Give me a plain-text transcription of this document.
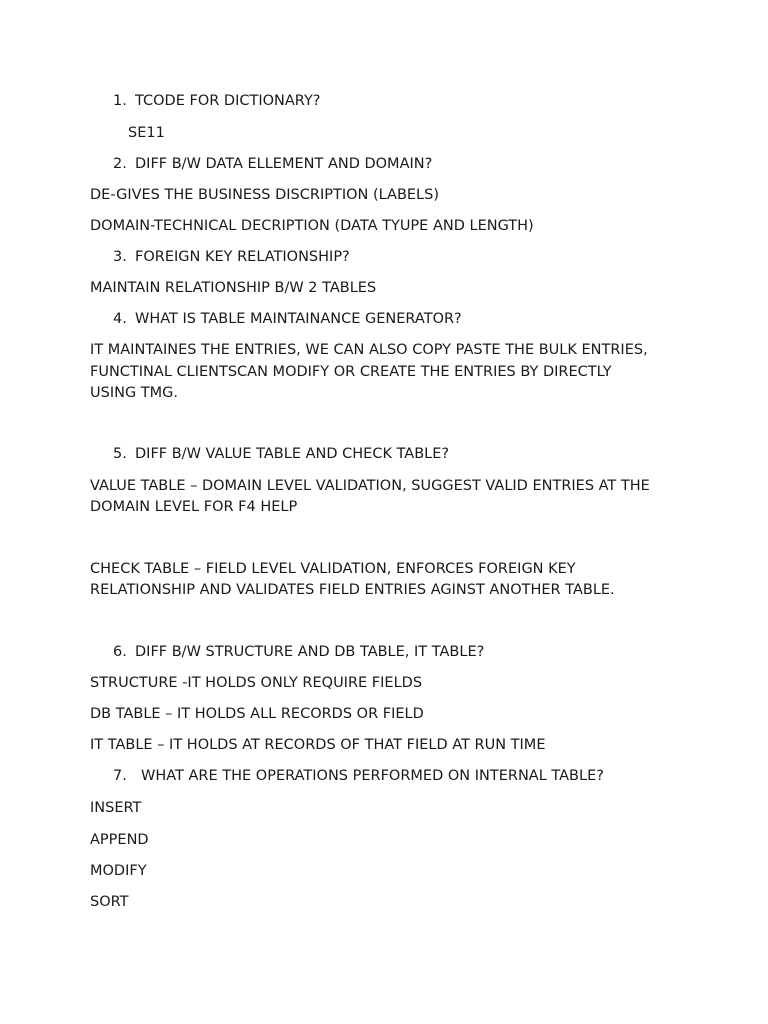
1. TCODE FOR DICTIONARY?
SE11
2. DIFF B/W DATA ELLEMENT AND DOMAIN?
DE-GIVES THE BUSINESS DISCRIPTION (LABELS)
DOMAIN-TECHNICAL DECRIPTION (DATA TYUPE AND LENGTH)
3. FOREIGN KEY RELATIONSHIP?
MAINTAIN RELATIONSHIP B/W 2 TABLES
4. WHAT IS TABLE MAINTAINANCE GENERATOR?
IT MAINTAINES THE ENTRIES, WE CAN ALSO COPY PASTE THE BULK ENTRIES,
FUNCTINAL CLIENTSCAN MODIFY OR CREATE THE ENTRIES BY DIRECTLY
USING TMG.
5. DIFF B/W VALUE TABLE AND CHECK TABLE?
VALUE TABLE – DOMAIN LEVEL VALIDATION, SUGGEST VALID ENTRIES AT THE
DOMAIN LEVEL FOR F4 HELP
CHECK TABLE – FIELD LEVEL VALIDATION, ENFORCES FOREIGN KEY
RELATIONSHIP AND VALIDATES FIELD ENTRIES AGINST ANOTHER TABLE.
6. DIFF B/W STRUCTURE AND DB TABLE, IT TABLE?
STRUCTURE -IT HOLDS ONLY REQUIRE FIELDS
DB TABLE – IT HOLDS ALL RECORDS OR FIELD
IT TABLE – IT HOLDS AT RECORDS OF THAT FIELD AT RUN TIME
7. WHAT ARE THE OPERATIONS PERFORMED ON INTERNAL TABLE?
INSERT
APPEND
MODIFY
SORT
